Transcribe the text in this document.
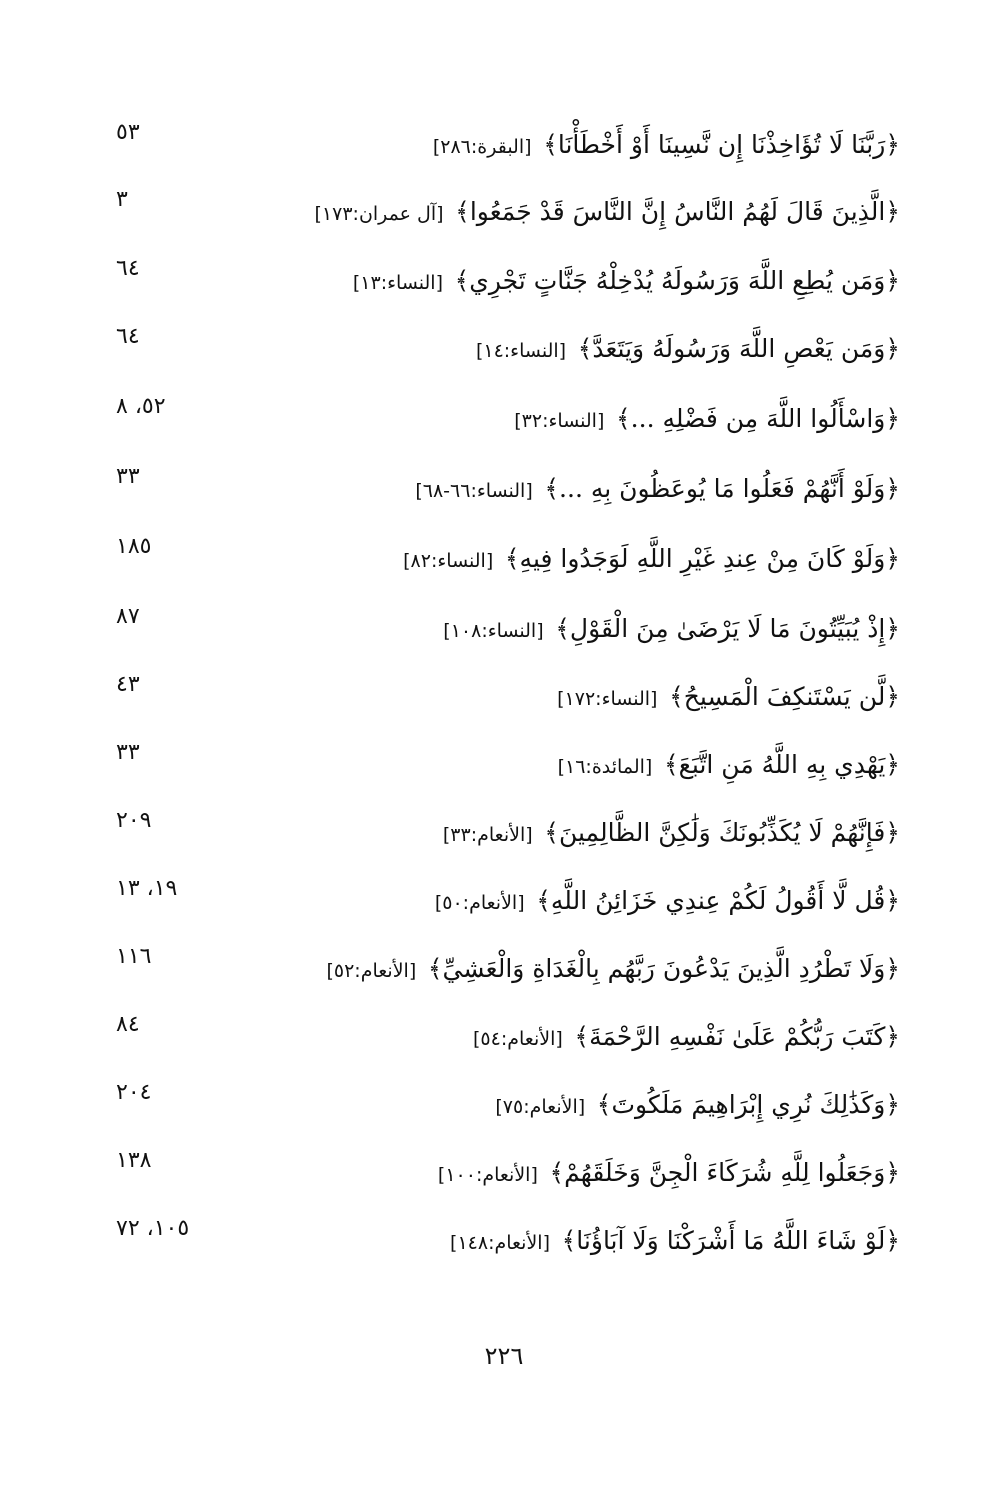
﴿رَبَّنَا لَا تُؤَاخِذْنَا إِن نَّسِينَا أَوْ أَخْطَأْنَا﴾ [البقرة:٢٨٦]
٥٣
﴿الَّذِينَ قَالَ لَهُمُ النَّاسُ إِنَّ النَّاسَ قَدْ جَمَعُوا﴾ [آل عمران:١٧٣]
٣
﴿وَمَن يُطِعِ اللَّهَ وَرَسُولَهُ يُدْخِلْهُ جَنَّاتٍ تَجْرِي﴾ [النساء:١٣]
٦٤
﴿وَمَن يَعْصِ اللَّهَ وَرَسُولَهُ وَيَتَعَدَّ﴾ [النساء:١٤]
٦٤
﴿وَاسْأَلُوا اللَّهَ مِن فَضْلِهِ ...﴾ [النساء:٣٢]
٥٢، ٨
﴿وَلَوْ أَنَّهُمْ فَعَلُوا مَا يُوعَظُونَ بِهِ ...﴾ [النساء:٦٦-٦٨]
٣٣
﴿وَلَوْ كَانَ مِنْ عِندِ غَيْرِ اللَّهِ لَوَجَدُوا فِيهِ﴾ [النساء:٨٢]
١٨٥
﴿إِذْ يُبَيِّتُونَ مَا لَا يَرْضَىٰ مِنَ الْقَوْلِ﴾ [النساء:١٠٨]
٨٧
﴿لَّن يَسْتَنكِفَ الْمَسِيحُ﴾ [النساء:١٧٢]
٤٣
﴿يَهْدِي بِهِ اللَّهُ مَنِ اتَّبَعَ﴾ [المائدة:١٦]
٣٣
﴿فَإِنَّهُمْ لَا يُكَذِّبُونَكَ وَلَٰكِنَّ الظَّالِمِينَ﴾ [الأنعام:٣٣]
٢٠٩
﴿قُل لَّا أَقُولُ لَكُمْ عِندِي خَزَائِنُ اللَّهِ﴾ [الأنعام:٥٠]
١٩، ١٣
﴿وَلَا تَطْرُدِ الَّذِينَ يَدْعُونَ رَبَّهُم بِالْغَدَاةِ وَالْعَشِيِّ﴾ [الأنعام:٥٢]
١١٦
﴿كَتَبَ رَبُّكُمْ عَلَىٰ نَفْسِهِ الرَّحْمَةَ﴾ [الأنعام:٥٤]
٨٤
﴿وَكَذَٰلِكَ نُرِي إِبْرَاهِيمَ مَلَكُوتَ﴾ [الأنعام:٧٥]
٢٠٤
﴿وَجَعَلُوا لِلَّهِ شُرَكَاءَ الْجِنَّ وَخَلَقَهُمْ﴾ [الأنعام:١٠٠]
١٣٨
﴿لَوْ شَاءَ اللَّهُ مَا أَشْرَكْنَا وَلَا آبَاؤُنَا﴾ [الأنعام:١٤٨]
١٠٥، ٧٢
٢٢٦
